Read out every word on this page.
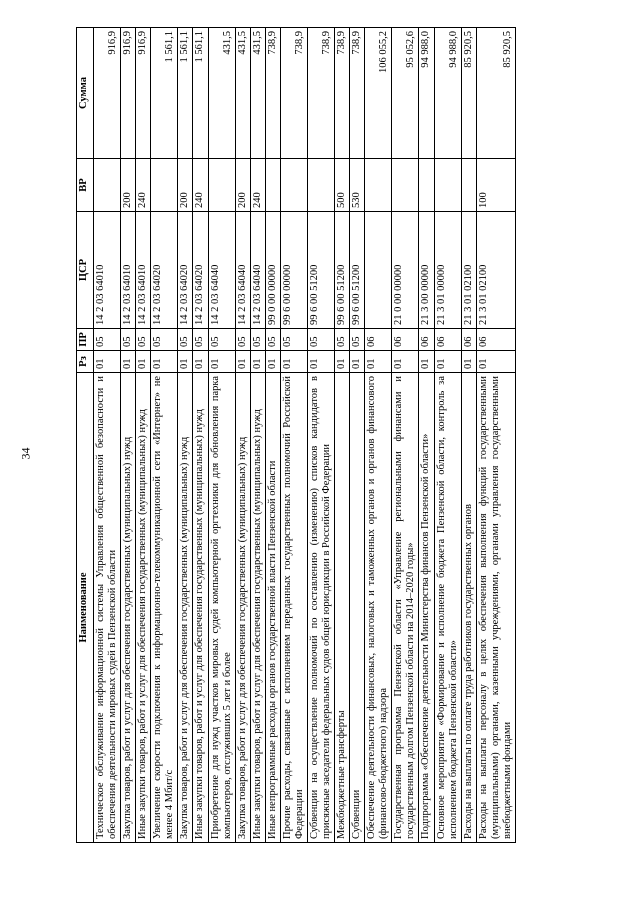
34
Наименование	Рз	ПР	ЦСР	ВР	Сумма
Техническое обслуживание информационной системы Управления общественной безопасности и обеспечения деятельности мировых судей в Пензенской области	01	05	14 2 03 64010		916,9
Закупка товаров, работ и услуг для обеспечения государственных (муниципальных) нужд	01	05	14 2 03 64010	200	916,9
Иные закупки товаров, работ и услуг для обеспечения государственных (муниципальных) нужд	01	05	14 2 03 64010	240	916,9
Увеличение скорости подключения к информационно-телекоммуникационной сети «Интернет» не менее 4 Мбит/с	01	05	14 2 03 64020		1 561,1
Закупка товаров, работ и услуг для обеспечения государственных (муниципальных) нужд	01	05	14 2 03 64020	200	1 561,1
Иные закупки товаров, работ и услуг для обеспечения государственных (муниципальных) нужд	01	05	14 2 03 64020	240	1 561,1
Приобретение для нужд участков мировых судей компьютерной оргтехники для обновления парка компьютеров, отслуживших 5 лет и более	01	05	14 2 03 64040		431,5
Закупка товаров, работ и услуг для обеспечения государственных (муниципальных) нужд	01	05	14 2 03 64040	200	431,5
Иные закупки товаров, работ и услуг для обеспечения государственных (муниципальных) нужд	01	05	14 2 03 64040	240	431,5
Иные непрограммные расходы органов государственной власти Пензенской области	01	05	99 0 00 00000		738,9
Прочие расходы, связанные с исполнением переданных государственных полномочий Российской Федерации	01	05	99 6 00 00000		738,9
Субвенции на осуществление полномочий по составлению (изменению) списков кандидатов в присяжные заседатели федеральных судов общей юрисдикции в Российской Федерации	01	05	99 6 00 51200		738,9
Межбюджетные трансферты	01	05	99 6 00 51200	500	738,9
Субвенции	01	05	99 6 00 51200	530	738,9
Обеспечение деятельности финансовых, налоговых и таможенных органов и органов финансового (финансово-бюджетного) надзора	01	06			106 055,2
Государственная программа Пензенской области «Управление региональными финансами и государственным долгом Пензенской области на 2014–2020 годы»	01	06	21 0 00 00000		95 052,6
Подпрограмма «Обеспечение деятельности Министерства финансов Пензенской области»	01	06	21 3 00 00000		94 988,0
Основное мероприятие «Формирование и исполнение бюджета Пензенской области, контроль за исполнением бюджета Пензенской области»	01	06	21 3 01 00000		94 988,0
Расходы на выплаты по оплате труда работников государственных органов	01	06	21 3 01 02100		85 920,5
Расходы на выплаты персоналу в целях обеспечения выполнения функций государственными (муниципальными) органами, казенными учреждениями, органами управления государственными внебюджетными фондами	01	06	21 3 01 02100	100	85 920,5
